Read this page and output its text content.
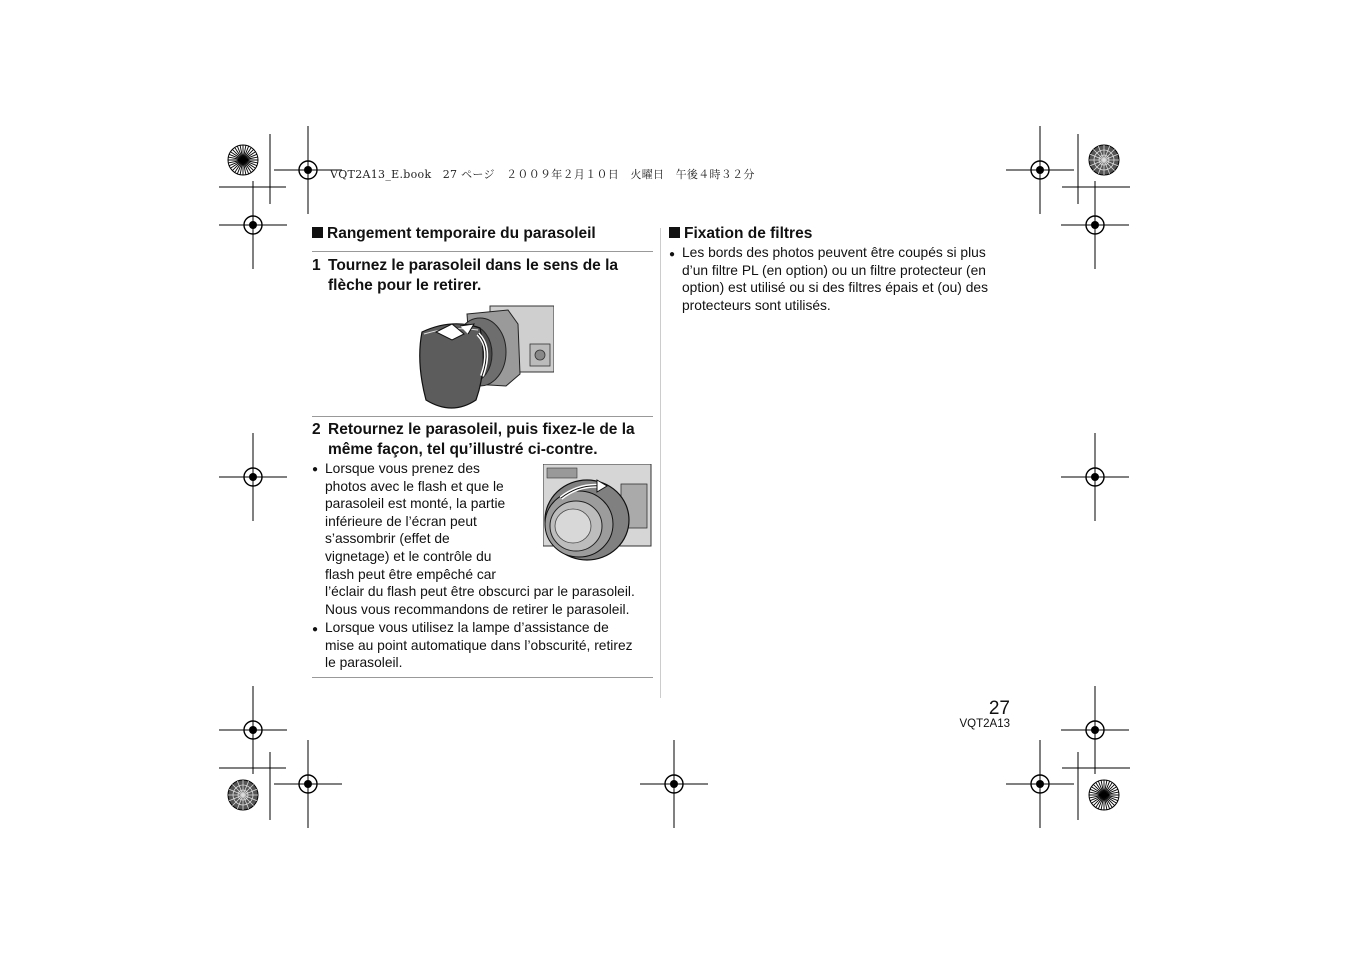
VQT2A13_E.book　27 ページ　２００９年２月１０日　火曜日　午後４時３２分
Rangement temporaire du parasoleil
1 Tournez le parasoleil dans le sens de la flèche pour le retirer.
2 Retournez le parasoleil, puis fixez-le de la même façon, tel qu’illustré ci-contre.
● Lorsque vous prenez des
photos avec le flash et que le
parasoleil est monté, la partie
inférieure de l’écran peut
s’assombrir (effet de
vignetage) et le contrôle du
flash peut être empêché car
l’éclair du flash peut être obscurci par le parasoleil.
Nous vous recommandons de retirer le parasoleil.
● Lorsque vous utilisez la lampe d’assistance de
mise au point automatique dans l’obscurité, retirez
le parasoleil.
Fixation de filtres
● Les bords des photos peuvent être coupés si plus
d’un filtre PL (en option) ou un filtre protecteur (en
option) est utilisé ou si des filtres épais et (ou) des
protecteurs sont utilisés.
27
VQT2A13
